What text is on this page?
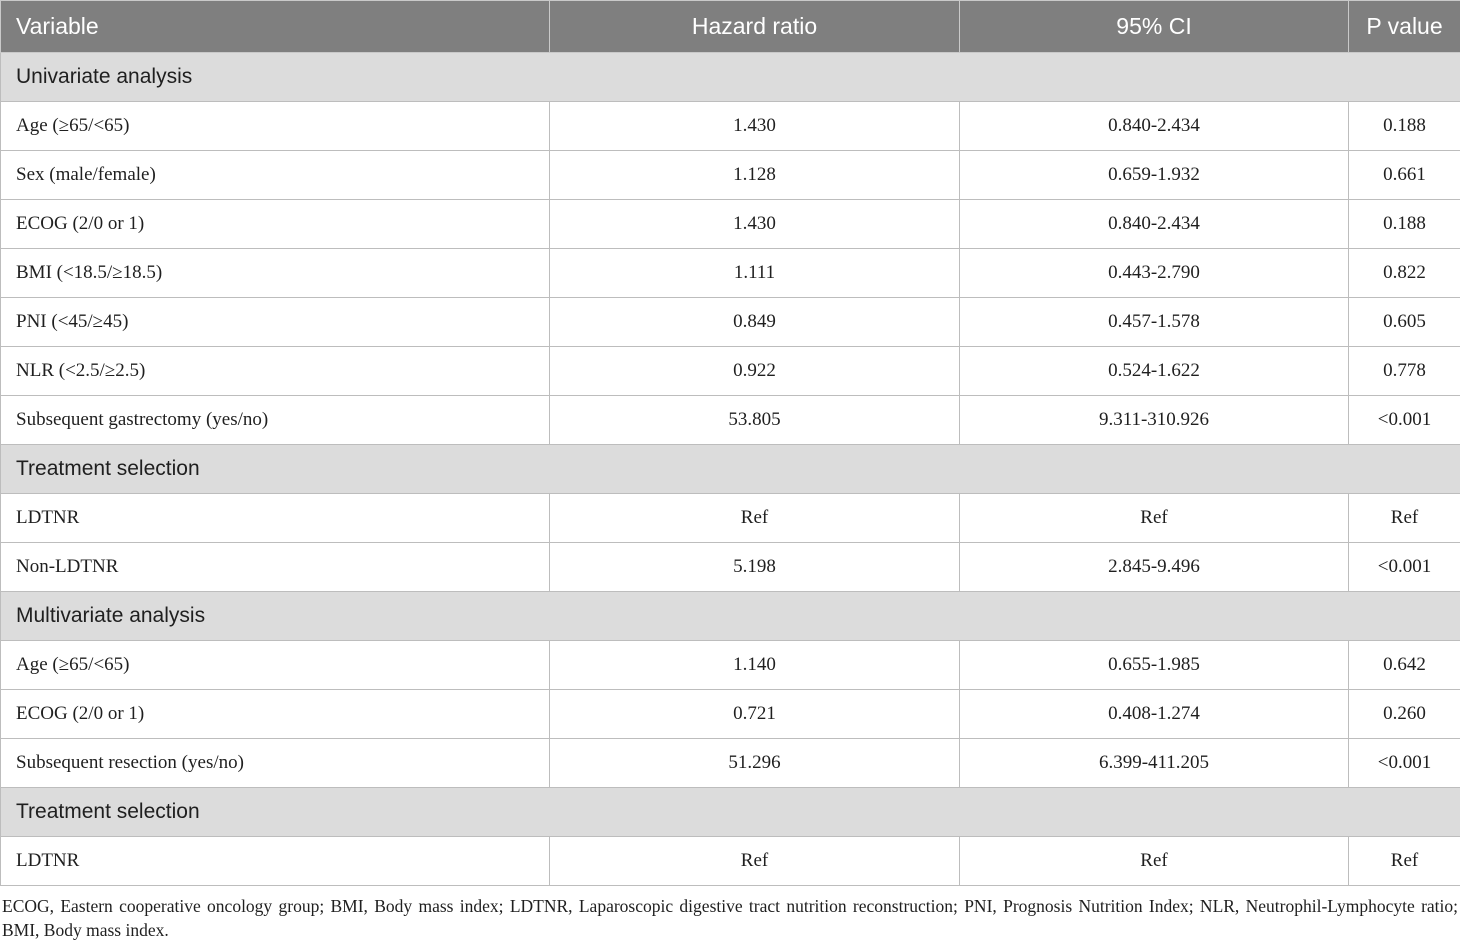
Variable	Hazard ratio	95% CI	P value
Univariate analysis			
Age (≥65/<65)	1.430	0.840-2.434	0.188
Sex (male/female)	1.128	0.659-1.932	0.661
ECOG (2/0 or 1)	1.430	0.840-2.434	0.188
BMI (<18.5/≥18.5)	1.111	0.443-2.790	0.822
PNI (<45/≥45)	0.849	0.457-1.578	0.605
NLR (<2.5/≥2.5)	0.922	0.524-1.622	0.778
Subsequent gastrectomy (yes/no)	53.805	9.311-310.926	<0.001
Treatment selection			
LDTNR	Ref	Ref	Ref
Non-LDTNR	5.198	2.845-9.496	<0.001
Multivariate analysis			
Age (≥65/<65)	1.140	0.655-1.985	0.642
ECOG (2/0 or 1)	0.721	0.408-1.274	0.260
Subsequent resection (yes/no)	51.296	6.399-411.205	<0.001
Treatment selection			
LDTNR	Ref	Ref	Ref
ECOG, Eastern cooperative oncology group; BMI, Body mass index; LDTNR, Laparoscopic digestive tract nutrition reconstruction; PNI, Prognosis Nutrition Index; NLR, Neutrophil-Lymphocyte ratio; BMI, Body mass index.
